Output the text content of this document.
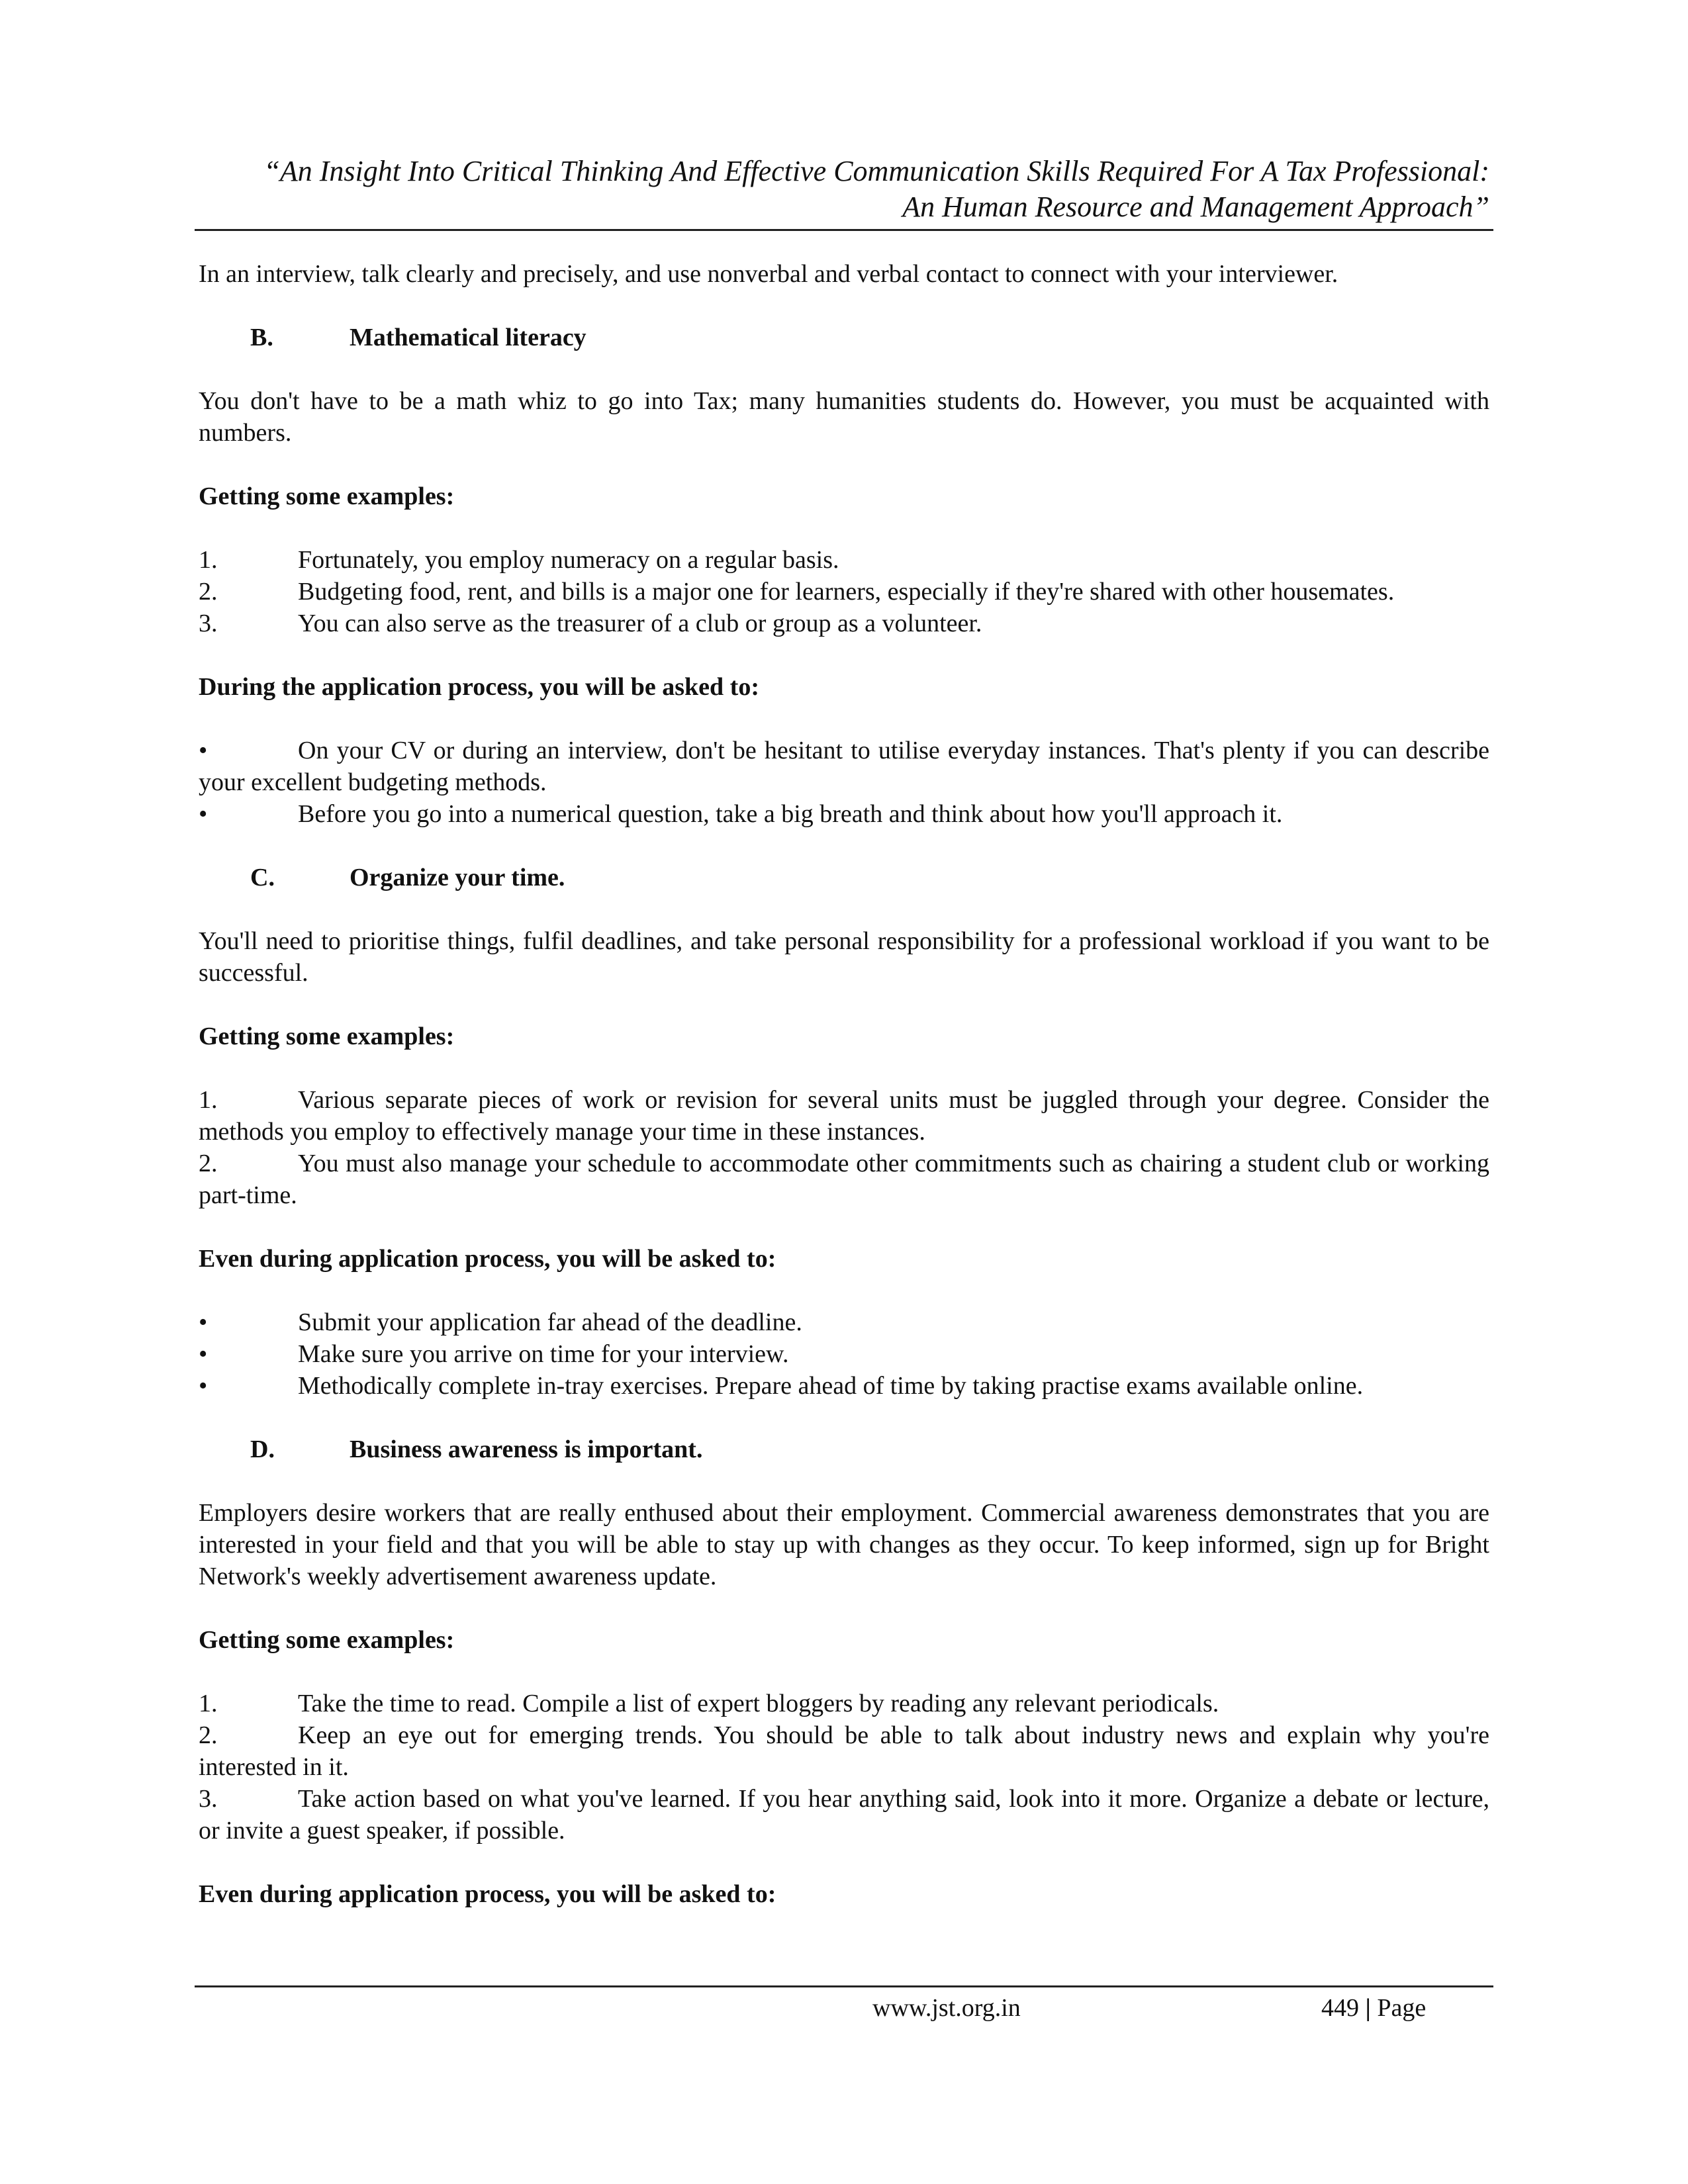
“An Insight Into Critical Thinking And Effective Communication Skills Required For A Tax Professional:
An Human Resource and Management Approach”

In an interview, talk clearly and precisely, and use nonverbal and verbal contact to connect with your interviewer.

B.	Mathematical literacy

You don't have to be a math whiz to go into Tax; many humanities students do. However, you must be acquainted with numbers.

Getting some examples:

1.	Fortunately, you employ numeracy on a regular basis.
2.	Budgeting food, rent, and bills is a major one for learners, especially if they're shared with other housemates.
3.	You can also serve as the treasurer of a club or group as a volunteer.

During the application process, you will be asked to:

•	On your CV or during an interview, don't be hesitant to utilise everyday instances. That's plenty if you can describe your excellent budgeting methods.
•	Before you go into a numerical question, take a big breath and think about how you'll approach it.
C.	Organize your time.

You'll need to prioritise things, fulfil deadlines, and take personal responsibility for a professional workload if you want to be successful.

Getting some examples:

1.	Various separate pieces of work or revision for several units must be juggled through your degree. Consider the methods you employ to effectively manage your time in these instances.
2.	You must also manage your schedule to accommodate other commitments such as chairing a student club or working part-time.

Even during application process, you will be asked to:

•	Submit your application far ahead of the deadline.
•	Make sure you arrive on time for your interview.
•	Methodically complete in-tray exercises. Prepare ahead of time by taking practise exams available online.
D.	Business awareness is important.

Employers desire workers that are really enthused about their employment. Commercial awareness demonstrates that you are interested in your field and that you will be able to stay up with changes as they occur. To keep informed, sign up for Bright Network's weekly advertisement awareness update.

Getting some examples:

1.	Take the time to read. Compile a list of expert bloggers by reading any relevant periodicals.
2.	Keep an eye out for emerging trends. You should be able to talk about industry news and explain why you're interested in it.
3.	Take action based on what you've learned. If you hear anything said, look into it more. Organize a debate or lecture, or invite a guest speaker, if possible.

Even during application process, you will be asked to:

www.jst.org.in	449 | Page
